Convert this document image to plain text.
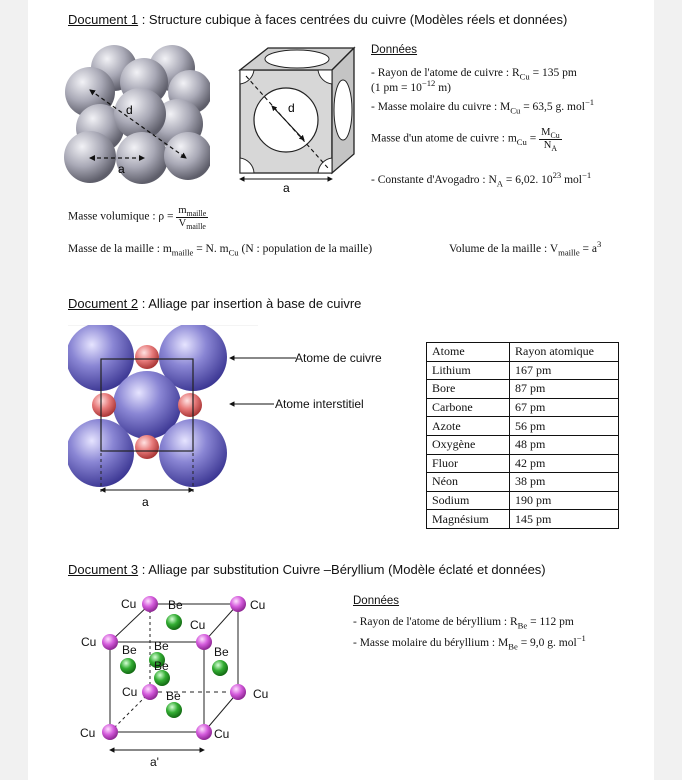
Document 1 : Structure cubique à faces centrées du cuivre (Modèles réels et données)
d
a
d
a
Données
- Rayon de l'atome de cuivre : $R_{Cu} = 135$ pm
(1 pm = $10^{-12}$ m)
- Masse molaire du cuivre : $M_{Cu} = 63,5$ g. mol$^{-1}$
Masse d'un atome de cuivre : $m_{Cu} = \frac{M_{Cu}}{N_A}$
- Constante d'Avogadro : $N_A = 6,02$. $10^{23}$ mol$^{-1}$
Masse volumique : $\rho = \frac{m_{maille}}{V_{maille}}$
Masse de la maille : $m_{maille} = N$. $m_{Cu}$ (N : population de la maille)	Volume de la maille : $V_{maille} = a^3$
Document 2 : Alliage par insertion à base de cuivre
a
Atome de cuivre
Atome interstitiel
Atome	Rayon atomique
Lithium	167 pm
Bore	87 pm
Carbone	67 pm
Azote	56 pm
Oxygène	48 pm
Fluor	42 pm
Néon	38 pm
Sodium	190 pm
Magnésium	145 pm
Document 3 : Alliage par substitution Cuivre –Béryllium (Modèle éclaté et données)
Cu	Be	Cu
Cu
Cu
Be Be	Be
Be
Cu Be	Cu
Cu	Cu
a'
Données
- Rayon de l'atome de béryllium : $R_{Be} = 112$ pm
- Masse molaire du béryllium : $M_{Be} = 9,0$ g. mol$^{-1}$
